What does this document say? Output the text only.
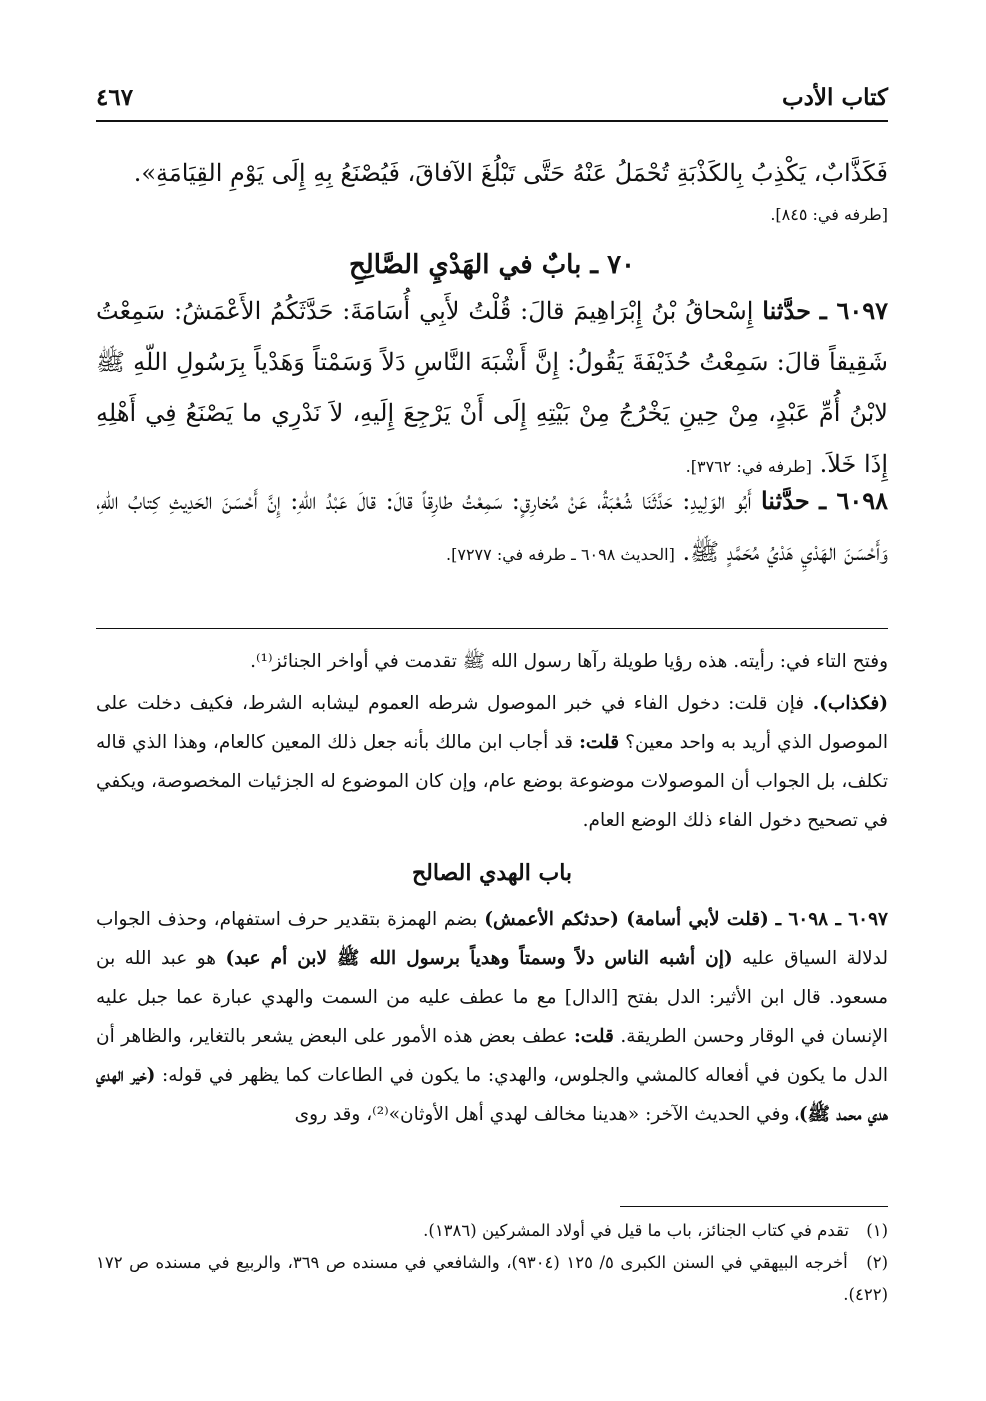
كتاب الأدب
٤٦٧
فَكَذَّابٌ، يَكْذِبُ بِالكَذْبَةِ تُحْمَلُ عَنْهُ حَتَّى تَبْلُغَ الآفاقَ، فَيُصْنَعُ بِهِ إِلَى يَوْمِ القِيَامَةِ».
[طرفه في: ٨٤٥].
٧٠ ـ بابٌ في الهَدْيِ الصَّالِحِ
٦٠٩٧ ـ حدَّثنا إِسْحاقُ بْنُ إِبْرَاهِيمَ قالَ: قُلْتُ لأَبِي أُسَامَةَ: حَدَّثَكُمُ الأَعْمَشُ: سَمِعْتُ شَقِيقاً قالَ: سَمِعْتُ حُذَيْفَةَ يَقُولُ: إِنَّ أَشْبَهَ النَّاسِ دَلاً وَسَمْتاً وَهَدْياً بِرَسُولِ اللّهِ ﷺ لابْنُ أُمِّ عَبْدٍ، مِنْ حِينِ يَخْرُجُ مِنْ بَيْتِهِ إِلَى أَنْ يَرْجِعَ إِلَيهِ، لاَ نَدْرِي ما يَصْنَعُ فِي أَهْلِهِ إِذَا خَلاَ. [طرفه في: ٣٧٦٢].
٦٠٩٨ ـ حدَّثنا أَبُو الوَلِيدِ: حَدَّثَنَا شُعْبَةُ، عَنْ مُخارِقٍ: سَمِعْتُ طارِقاً قالَ: قالَ عَبْدُ اللّهِ: إِنَّ أَحْسَنَ الحَدِيثِ كِتابُ اللّهِ، وَأَحْسَنَ الهَدْيِ هَدْيُ مُحَمَّدٍ ﷺ. [الحديث ٦٠٩٨ ـ طرفه في: ٧٢٧٧].
وفتح التاء في: رأيته. هذه رؤيا طويلة رآها رسول الله ﷺ تقدمت في أواخر الجنائز⁽¹⁾.
(فكذاب). فإن قلت: دخول الفاء في خبر الموصول شرطه العموم ليشابه الشرط، فكيف دخلت على الموصول الذي أريد به واحد معين؟ قلت: قد أجاب ابن مالك بأنه جعل ذلك المعين كالعام، وهذا الذي قاله تكلف، بل الجواب أن الموصولات موضوعة بوضع عام، وإن كان الموضوع له الجزئيات المخصوصة، ويكفي في تصحيح دخول الفاء ذلك الوضع العام.
باب الهدي الصالح
٦٠٩٧ ـ ٦٠٩٨ ـ (قلت لأبي أسامة) (حدثكم الأعمش) بضم الهمزة بتقدير حرف استفهام، وحذف الجواب لدلالة السياق عليه (إن أشبه الناس دلاً وسمتاً وهدياً برسول الله ﷺ لابن أم عبد) هو عبد الله بن مسعود. قال ابن الأثير: الدل بفتح [الدال] مع ما عطف عليه من السمت والهدي عبارة عما جبل عليه الإنسان في الوقار وحسن الطريقة. قلت: عطف بعض هذه الأمور على البعض يشعر بالتغاير، والظاهر أن الدل ما يكون في أفعاله كالمشي والجلوس، والهدي: ما يكون في الطاعات كما يظهر في قوله: (خير الهدي هدي محمد ﷺ)، وفي الحديث الآخر: «هدينا مخالف لهدي أهل الأوثان»⁽²⁾، وقد روى
(١) تقدم في كتاب الجنائز، باب ما قيل في أولاد المشركين (١٣٨٦).
(٢) أخرجه البيهقي في السنن الكبرى ٥/ ١٢٥ (٩٣٠٤)، والشافعي في مسنده ص ٣٦٩، والربيع في مسنده ص ١٧٢ (٤٢٢).
